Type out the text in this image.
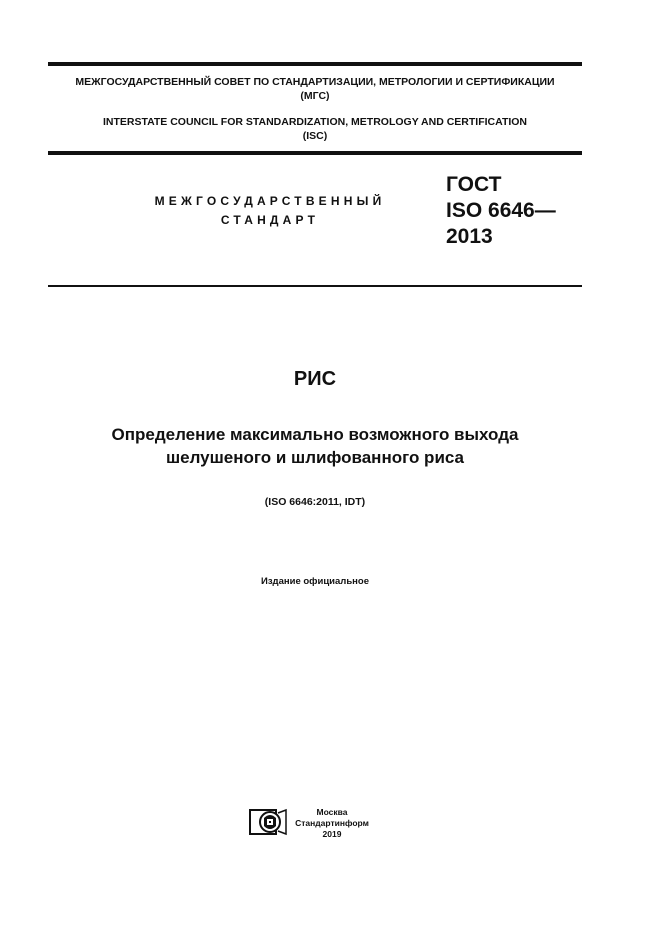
МЕЖГОСУДАРСТВЕННЫЙ СОВЕТ ПО СТАНДАРТИЗАЦИИ, МЕТРОЛОГИИ И СЕРТИФИКАЦИИ
(МГС)
INTERSTATE COUNCIL FOR STANDARDIZATION, METROLOGY AND CERTIFICATION
(ISC)
МЕЖГОСУДАРСТВЕННЫЙ
СТАНДАРТ
ГОСТ
ISO 6646—
2013
РИС
Определение максимально возможного выхода
шелушеного и шлифованного риса
(ISO 6646:2011, IDT)
Издание официальное
Москва
Стандартинформ
2019
